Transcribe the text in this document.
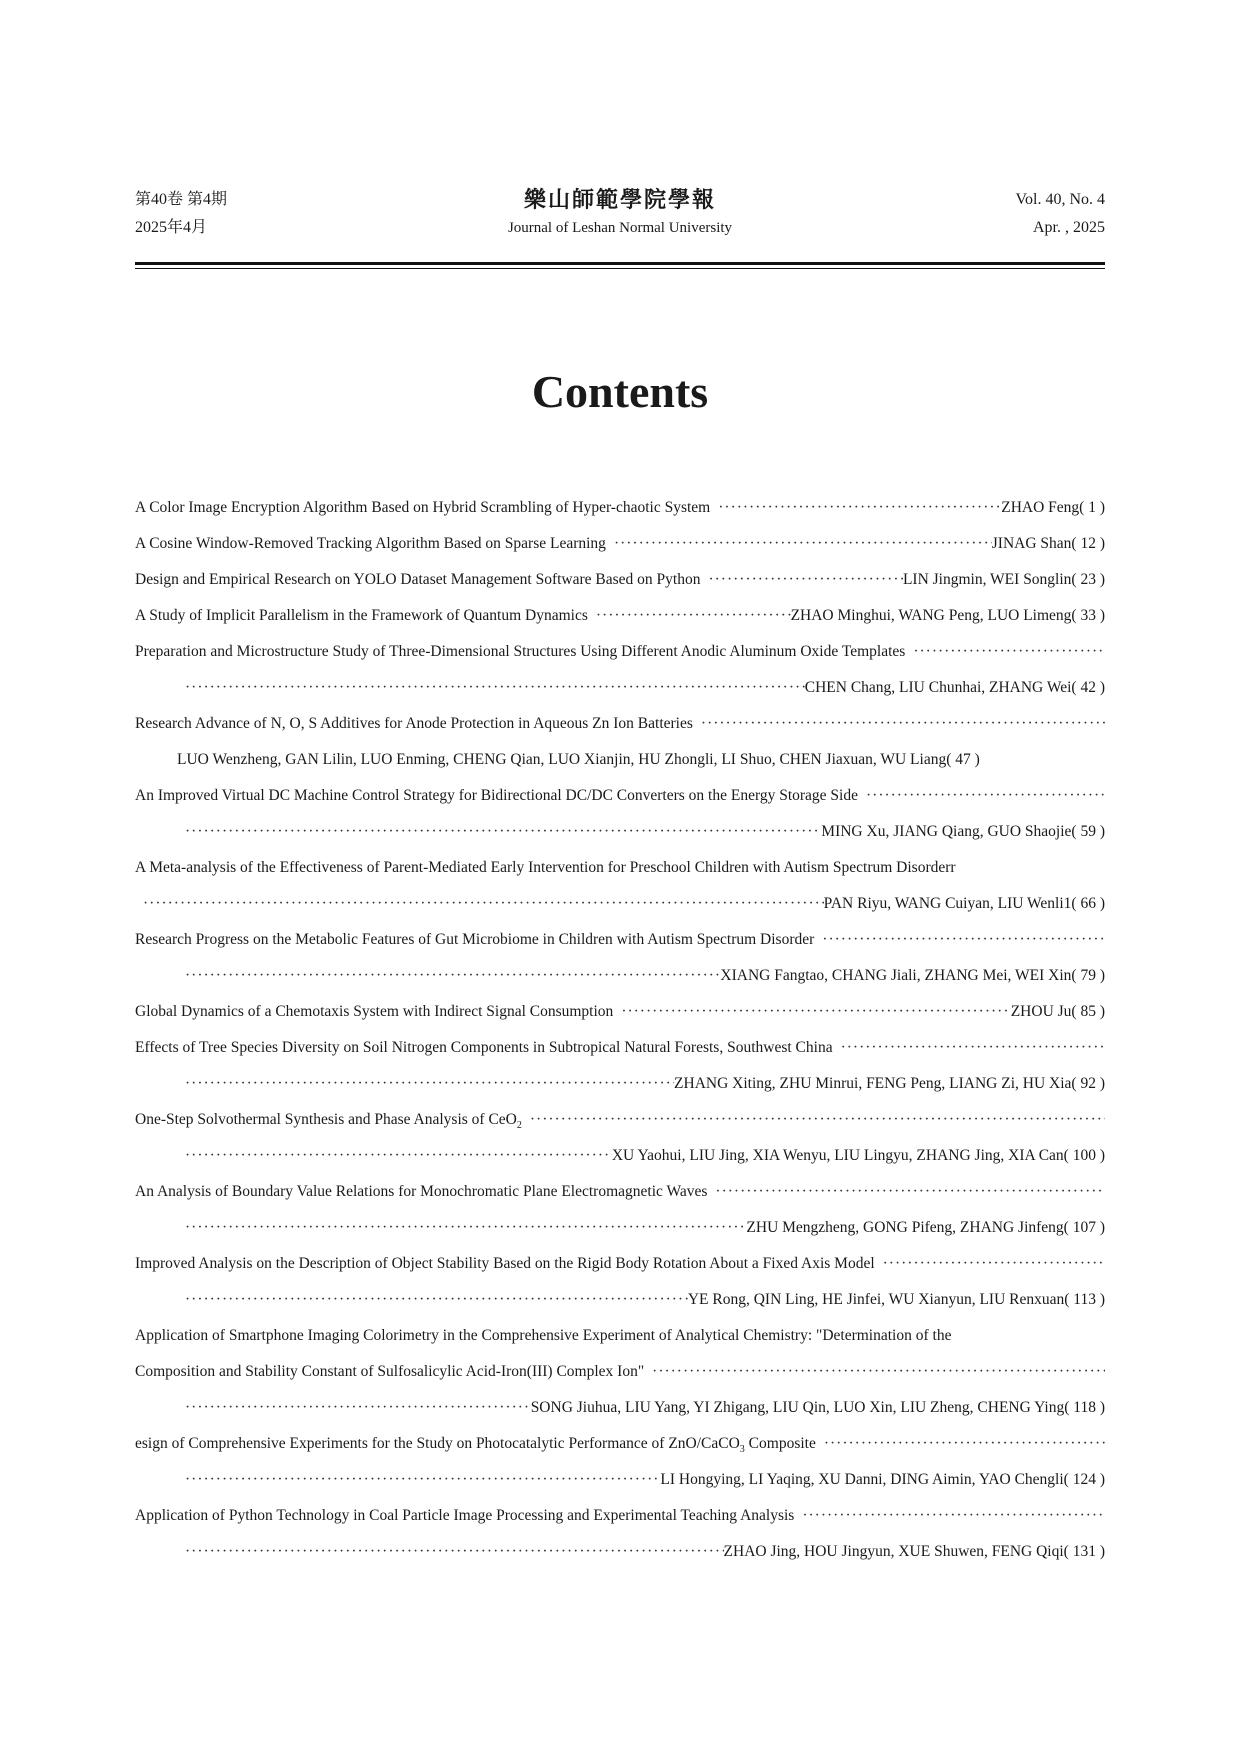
第40卷 第4期
2025年4月
樂山師範學院學報
Journal of Leshan Normal University
Vol. 40, No. 4
Apr. , 2025
Contents
A Color Image Encryption Algorithm Based on Hybrid Scrambling of Hyper-chaotic System ·····	ZHAO Feng( 1 )
A Cosine Window-Removed Tracking Algorithm Based on Sparse Learning ·····	JINAG Shan( 12 )
Design and Empirical Research on YOLO Dataset Management Software Based on Python ·····	LIN Jingmin, WEI Songlin( 23 )
A Study of Implicit Parallelism in the Framework of Quantum Dynamics ·····	ZHAO Minghui, WANG Peng, LUO Limeng( 33 )
Preparation and Microstructure Study of Three-Dimensional Structures Using Different Anodic Aluminum Oxide Templates
·····
·····
CHEN Chang, LIU Chunhai, ZHANG Wei( 42 )
Research Advance of N, O, S Additives for Anode Protection in Aqueous Zn Ion Batteries
·····
LUO Wenzheng, GAN Lilin, LUO Enming, CHENG Qian, LUO Xianjin, HU Zhongli, LI Shuo, CHEN Jiaxuan, WU Liang( 47 )
An Improved Virtual DC Machine Control Strategy for Bidirectional DC/DC Converters on the Energy Storage Side
·····
·····
MING Xu, JIANG Qiang, GUO Shaojie( 59 )
A Meta-analysis of the Effectiveness of Parent-Mediated Early Intervention for Preschool Children with Autism Spectrum Disorderr
·····
PAN Riyu, WANG Cuiyan, LIU Wenli1( 66 )
Research Progress on the Metabolic Features of Gut Microbiome in Children with Autism Spectrum Disorder
·····
·····
XIANG Fangtao, CHANG Jiali, ZHANG Mei, WEI Xin( 79 )
Global Dynamics of a Chemotaxis System with Indirect Signal Consumption ·····	ZHOU Ju( 85 )
Effects of Tree Species Diversity on Soil Nitrogen Components in Subtropical Natural Forests, Southwest China
·····
·····
ZHANG Xiting, ZHU Minrui, FENG Peng, LIANG Zi, HU Xia( 92 )
One-Step Solvothermal Synthesis and Phase Analysis of CeO$_2$
·····
·····
XU Yaohui, LIU Jing, XIA Wenyu, LIU Lingyu, ZHANG Jing, XIA Can( 100 )
An Analysis of Boundary Value Relations for Monochromatic Plane Electromagnetic Waves
·····
·····
ZHU Mengzheng, GONG Pifeng, ZHANG Jinfeng( 107 )
Improved Analysis on the Description of Object Stability Based on the Rigid Body Rotation About a Fixed Axis Model
·····
·····
YE Rong, QIN Ling, HE Jinfei, WU Xianyun, LIU Renxuan( 113 )
Application of Smartphone Imaging Colorimetry in the Comprehensive Experiment of Analytical Chemistry: "Determination of the
Composition and Stability Constant of Sulfosalicylic Acid-Iron(III) Complex Ion"
·····
·····
SONG Jiuhua, LIU Yang, YI Zhigang, LIU Qin, LUO Xin, LIU Zheng, CHENG Ying( 118 )
esign of Comprehensive Experiments for the Study on Photocatalytic Performance of ZnO/CaCO$_3$ Composite
·····
·····
LI Hongying, LI Yaqing, XU Danni, DING Aimin, YAO Chengli( 124 )
Application of Python Technology in Coal Particle Image Processing and Experimental Teaching Analysis
·····
·····
ZHAO Jing, HOU Jingyun, XUE Shuwen, FENG Qiqi( 131 )
